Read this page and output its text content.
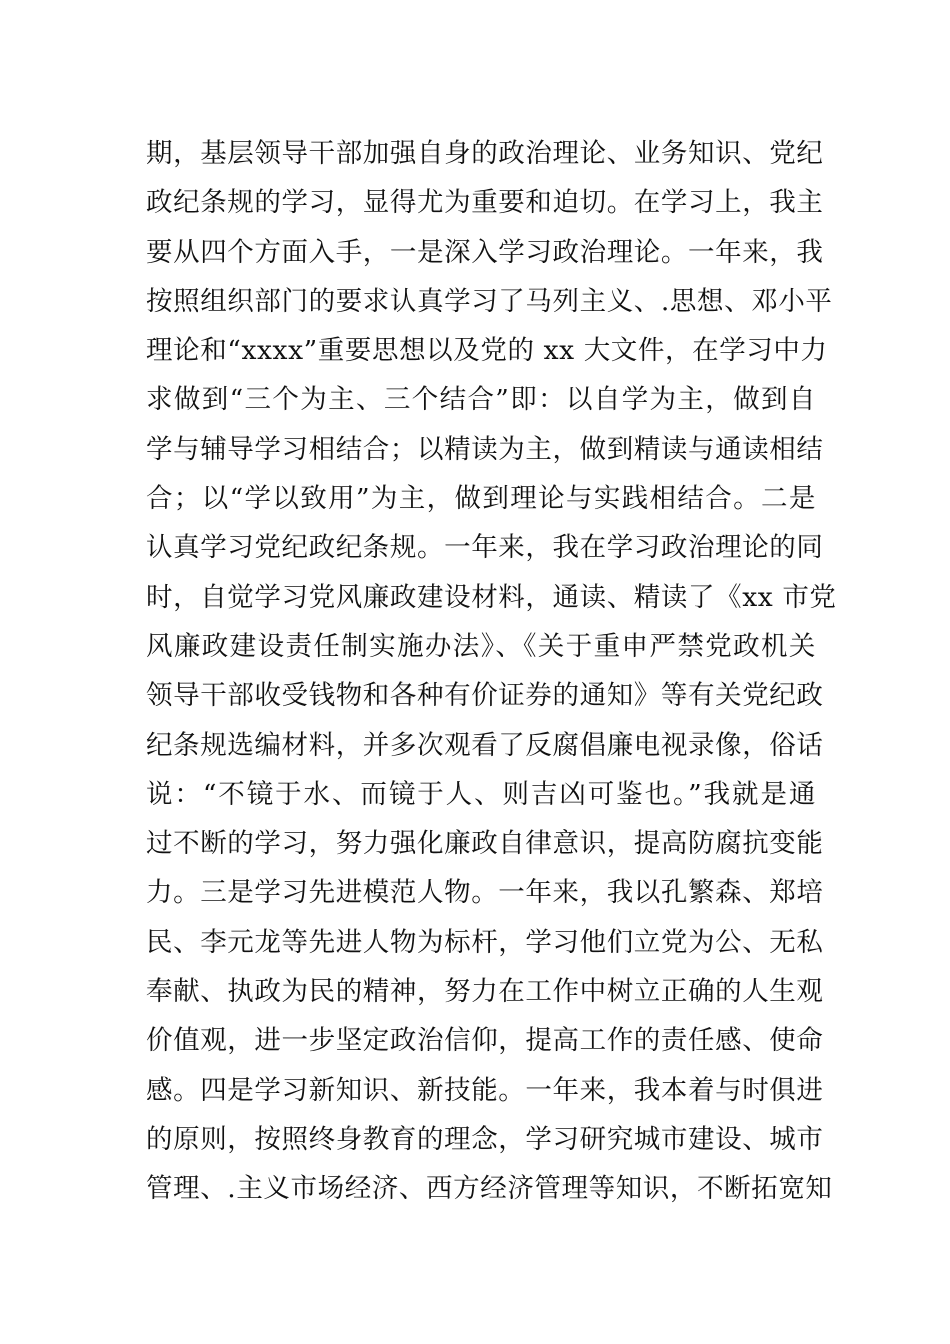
期，基层领导干部加强自身的政治理论、业务知识、党纪
政纪条规的学习，显得尤为重要和迫切。在学习上，我主
要从四个方面入手，一是深入学习政治理论。一年来，我
按照组织部门的要求认真学习了马列主义、.思想、邓小平
理论和“xxxx”重要思想以及党的 xx 大文件，在学习中力
求做到“三个为主、三个结合”即：以自学为主，做到自
学与辅导学习相结合；以精读为主，做到精读与通读相结
合；以“学以致用”为主，做到理论与实践相结合。二是
认真学习党纪政纪条规。一年来，我在学习政治理论的同
时，自觉学习党风廉政建设材料，通读、精读了《xx 市党
风廉政建设责任制实施办法》、《关于重申严禁党政机关
领导干部收受钱物和各种有价证券的通知》等有关党纪政
纪条规选编材料，并多次观看了反腐倡廉电视录像，俗话
说：“不镜于水、而镜于人、则吉凶可鉴也。”我就是通
过不断的学习，努力强化廉政自律意识，提高防腐抗变能
力。三是学习先进模范人物。一年来，我以孔繁森、郑培
民、李元龙等先进人物为标杆，学习他们立党为公、无私
奉献、执政为民的精神，努力在工作中树立正确的人生观
价值观，进一步坚定政治信仰，提高工作的责任感、使命
感。四是学习新知识、新技能。一年来，我本着与时俱进
的原则，按照终身教育的理念，学习研究城市建设、城市
管理、.主义市场经济、西方经济管理等知识，不断拓宽知
